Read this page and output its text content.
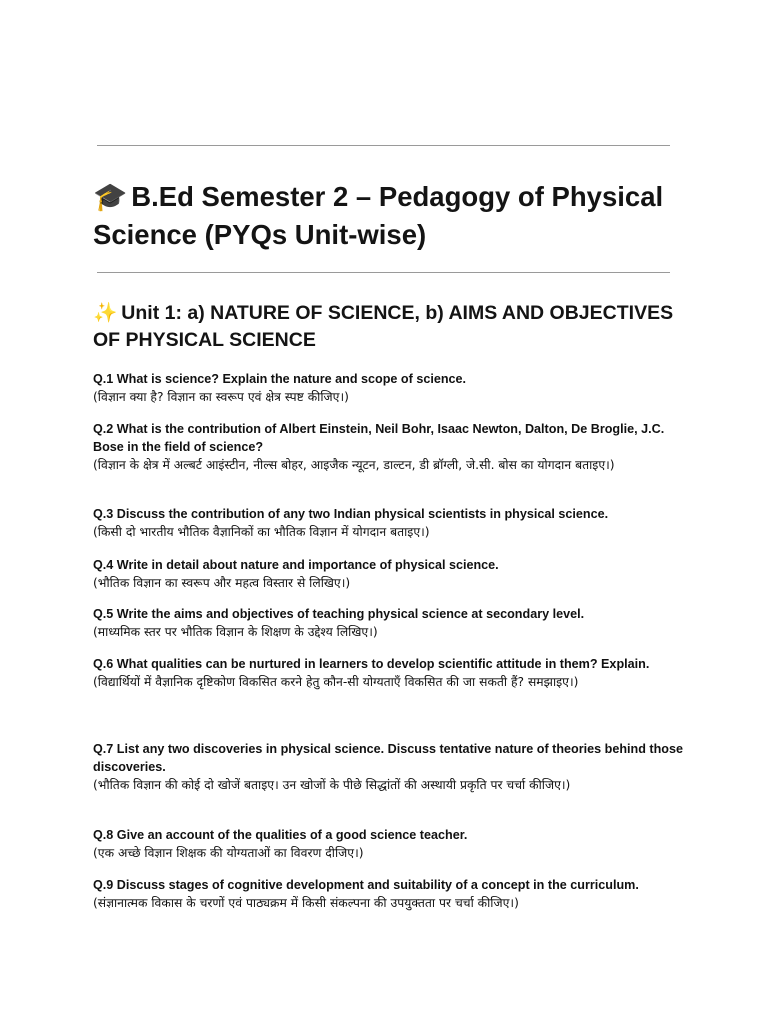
🎓 B.Ed Semester 2 – Pedagogy of Physical Science (PYQs Unit-wise)
✨ Unit 1: a) NATURE OF SCIENCE, b) AIMS AND OBJECTIVES OF PHYSICAL SCIENCE
Q.1 What is science? Explain the nature and scope of science.
(विज्ञान क्या है? विज्ञान का स्वरूप एवं क्षेत्र स्पष्ट कीजिए।)
Q.2 What is the contribution of Albert Einstein, Neil Bohr, Isaac Newton, Dalton, De Broglie, J.C. Bose in the field of science?
(विज्ञान के क्षेत्र में अल्बर्ट आइंस्टीन, नील्स बोहर, आइजैक न्यूटन, डाल्टन, डी ब्रॉग्ली, जे.सी. बोस का योगदान बताइए।)
Q.3 Discuss the contribution of any two Indian physical scientists in physical science.
(किसी दो भारतीय भौतिक वैज्ञानिकों का भौतिक विज्ञान में योगदान बताइए।)
Q.4 Write in detail about nature and importance of physical science.
(भौतिक विज्ञान का स्वरूप और महत्व विस्तार से लिखिए।)
Q.5 Write the aims and objectives of teaching physical science at secondary level.
(माध्यमिक स्तर पर भौतिक विज्ञान के शिक्षण के उद्देश्य लिखिए।)
Q.6 What qualities can be nurtured in learners to develop scientific attitude in them? Explain.
(विद्यार्थियों में वैज्ञानिक दृष्टिकोण विकसित करने हेतु कौन-सी योग्यताएँ विकसित की जा सकती हैं? समझाइए।)
Q.7 List any two discoveries in physical science. Discuss tentative nature of theories behind those discoveries.
(भौतिक विज्ञान की कोई दो खोजें बताइए। उन खोजों के पीछे सिद्धांतों की अस्थायी प्रकृति पर चर्चा कीजिए।)
Q.8 Give an account of the qualities of a good science teacher.
(एक अच्छे विज्ञान शिक्षक की योग्यताओं का विवरण दीजिए।)
Q.9 Discuss stages of cognitive development and suitability of a concept in the curriculum.
(संज्ञानात्मक विकास के चरणों एवं पाठ्यक्रम में किसी संकल्पना की उपयुक्तता पर चर्चा कीजिए।)
